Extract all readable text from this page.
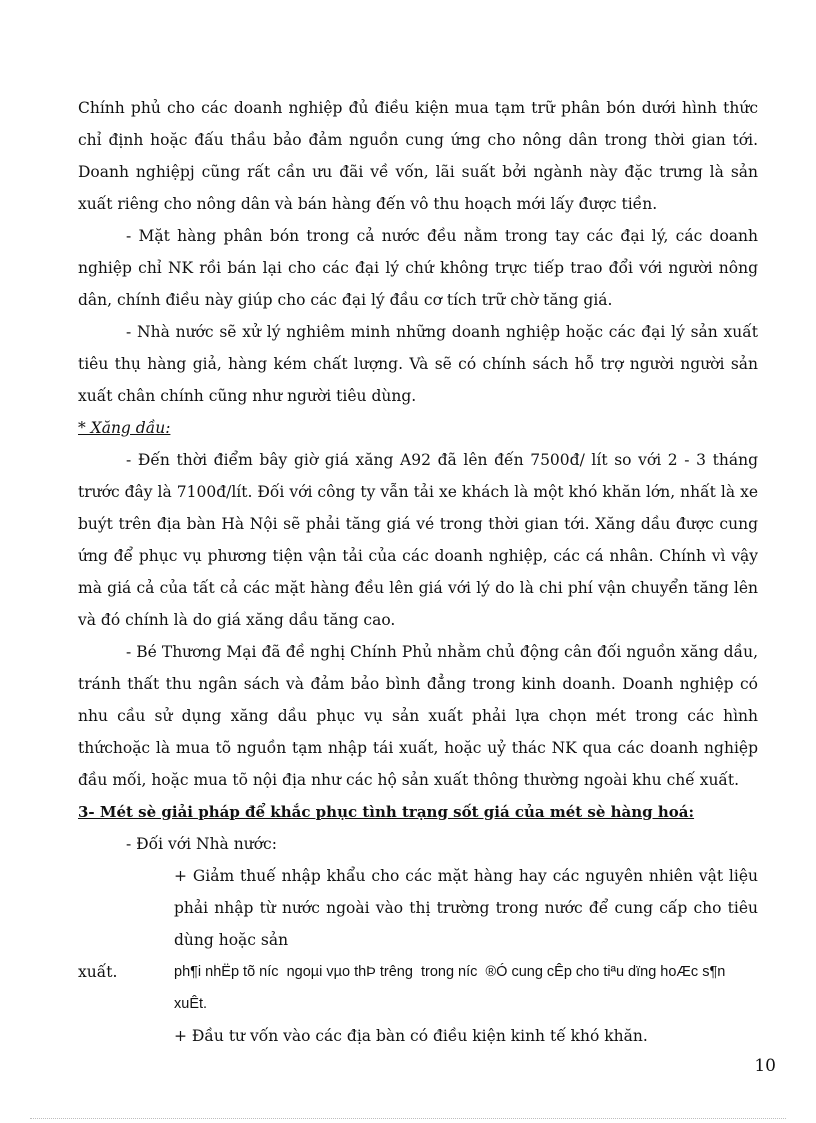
Chính phủ cho các doanh nghiệp đủ điều kiện mua tạm trữ phân bón dưới hình thức chỉ định hoặc đấu thầu bảo đảm nguồn cung ứng cho nông dân trong thời gian tới. Doanh nghiệpj cũng rất cần ưu đãi về vốn, lãi suất bởi ngành này đặc trưng là sản xuất riêng cho nông dân và bán hàng đến vô thu hoạch mới lấy được tiền.

- Mặt hàng phân bón trong cả nước đều nằm trong tay các đại lý, các doanh nghiệp chỉ NK rồi bán lại cho các đại lý chứ không trực tiếp trao đổi với người nông dân, chính điều này giúp cho các đại lý đầu cơ tích trữ chờ tăng giá.

- Nhà nước sẽ xử lý nghiêm minh những doanh nghiệp hoặc các đại lý sản xuất tiêu thụ hàng giả, hàng kém chất lượng. Và sẽ có chính sách hỗ trợ người người sản xuất chân chính cũng như người tiêu dùng.

* Xăng dầu:

- Đến thời điểm bây giờ giá xăng A92 đã lên đến 7500đ/ lít so với 2 - 3 tháng trước đây là 7100đ/lít. Đối với công ty vẫn tải xe khách là một khó khăn lớn, nhất là xe buýt trên địa bàn Hà Nội sẽ phải tăng giá vé trong thời gian tới. Xăng dầu được cung ứng để phục vụ phương tiện vận tải của các doanh nghiệp, các cá nhân. Chính vì vậy mà giá cả của tất cả các mặt hàng đều lên giá với lý do là chi phí vận chuyển tăng lên và đó chính là do giá xăng dầu tăng cao.

- Bé Thương Mại đã đề nghị Chính Phủ nhằm chủ động cân đối nguồn xăng dầu, tránh thất thu ngân sách và đảm bảo bình đẳng trong kinh doanh. Doanh nghiệp có nhu cầu sử dụng xăng dầu phục vụ sản xuất phải lựa chọn mét trong các hình thứchoặc là mua tõ nguồn tạm nhập tái xuất, hoặc uỷ thác NK qua các doanh nghiệp đầu mối, hoặc mua tõ nội địa như các hộ sản xuất thông thường ngoài khu chế xuất.

3- Mét sè giải pháp để khắc phục tình trạng sốt giá của mét sè hàng hoá:

- Đối với Nhà nước:

+ Giảm thuế nhập khẩu cho các mặt hàng hay các nguyên nhiên vật liệu phải nhập từ nước ngoài vào thị trường trong nước để cung cấp cho tiêu dùng hoặc sản

xuất.	ph¶i nhËp tõ níc  ngoµi vµo thÞ trêng  trong níc  ®Ó cung cÊp cho tiªu dïng hoÆc s¶n xuÊt.

+ Đầu tư vốn vào các địa bàn có điều kiện kinh tế khó khăn.

10
